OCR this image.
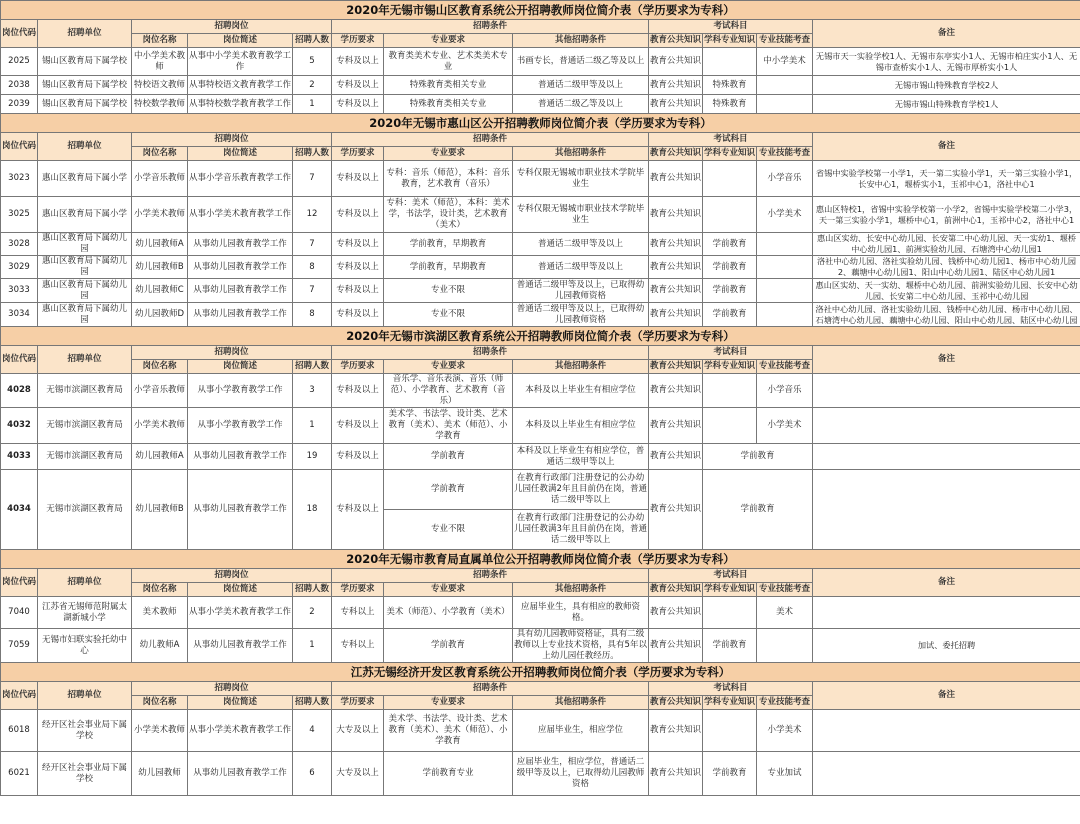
2020年无锡市锡山区教育系统公开招聘教师岗位简介表（学历要求为专科）											
岗位代码	招聘单位	招聘岗位			招聘条件			考试科目			备注
		岗位名称	岗位简述	招聘人数	学历要求	专业要求	其他招聘条件	教育公共知识	学科专业知识	专业技能考查	
2025	锡山区教育局下属学校	中小学美术教师	从事中小学美术教育教学工作	5	专科及以上	教育类美术专业、艺术类美术专业	书画专长，普通话二级乙等及以上	教育公共知识		中小学美术	无锡市天一实验学校1人、无锡市东亭实小1人、无锡市柏庄实小1人、无锡市查桥实小1人、无锡市厚桥实小1人
2038	锡山区教育局下属学校	特校语文教师	从事特校语文教育教学工作	2	专科及以上	特殊教育类相关专业	普通话二级甲等及以上	教育公共知识	特殊教育		无锡市锡山特殊教育学校2人
2039	锡山区教育局下属学校	特校数学教师	从事特校数学教育教学工作	1	专科及以上	特殊教育类相关专业	普通话二级乙等及以上	教育公共知识	特殊教育		无锡市锡山特殊教育学校1人
2020年无锡市惠山区公开招聘教师岗位简介表（学历要求为专科）											
岗位代码	招聘单位	招聘岗位			招聘条件			考试科目			备注
		岗位名称	岗位简述	招聘人数	学历要求	专业要求	其他招聘条件	教育公共知识	学科专业知识	专业技能考查	
3023	惠山区教育局下属小学	小学音乐教师	从事小学音乐教育教学工作	7	专科及以上	专科：音乐（师范），本科：音乐教育，艺术教育（音乐）	专科仅限无锡城市职业技术学院毕业生	教育公共知识		小学音乐	省锡中实验学校第一小学1，天一第二实验小学1，天一第三实验小学1，长安中心1，堰桥实小1，玉祁中心1，洛社中心1
3025	惠山区教育局下属小学	小学美术教师	从事小学美术教育教学工作	12	专科及以上	专科：美术（师范），本科：美术学，书法学，设计类，艺术教育（美术）	专科仅限无锡城市职业技术学院毕业生	教育公共知识		小学美术	惠山区特校1，省锡中实验学校第一小学2，省锡中实验学校第二小学3，天一第三实验小学1，堰桥中心1，前洲中心1，玉祁中心2，洛社中心1
3028	惠山区教育局下属幼儿园	幼儿园教师A	从事幼儿园教育教学工作	7	专科及以上	学前教育，早期教育	普通话二级甲等及以上	教育公共知识	学前教育		惠山区实幼、长安中心幼儿园、长安第二中心幼儿园、天一实幼1、堰桥中心幼儿园1、前洲实验幼儿园、石塘湾中心幼儿园1
3029	惠山区教育局下属幼儿园	幼儿园教师B	从事幼儿园教育教学工作	8	专科及以上	学前教育，早期教育	普通话二级甲等及以上	教育公共知识	学前教育		洛社中心幼儿园、洛社实验幼儿园、钱桥中心幼儿园1、杨市中心幼儿园2、藕塘中心幼儿园1、阳山中心幼儿园1、陆区中心幼儿园1
3033	惠山区教育局下属幼儿园	幼儿园教师C	从事幼儿园教育教学工作	7	专科及以上	专业不限	普通话二级甲等及以上，已取得幼儿园教师资格	教育公共知识	学前教育		惠山区实幼、天一实幼、堰桥中心幼儿园、前洲实验幼儿园、长安中心幼儿园、长安第二中心幼儿园、玉祁中心幼儿园
3034	惠山区教育局下属幼儿园	幼儿园教师D	从事幼儿园教育教学工作	8	专科及以上	专业不限	普通话二级甲等及以上，已取得幼儿园教师资格	教育公共知识	学前教育		洛社中心幼儿园、洛社实验幼儿园、钱桥中心幼儿园、杨市中心幼儿园、石塘湾中心幼儿园、藕塘中心幼儿园、阳山中心幼儿园、陆区中心幼儿园
2020年无锡市滨湖区教育系统公开招聘教师岗位简介表（学历要求为专科）											
岗位代码	招聘单位	招聘岗位			招聘条件			考试科目			备注
		岗位名称	岗位简述	招聘人数	学历要求	专业要求	其他招聘条件	教育公共知识	学科专业知识	专业技能考查	
4028	无锡市滨湖区教育局	小学音乐教师	从事小学教育教学工作	3	专科及以上	音乐学、音乐表演、音乐（师范）、小学教育、艺术教育（音乐）	本科及以上毕业生有相应学位	教育公共知识		小学音乐	
4032	无锡市滨湖区教育局	小学美术教师	从事小学教育教学工作	1	专科及以上	美术学、书法学、设计类、艺术教育（美术）、美术（师范）、小学教育	本科及以上毕业生有相应学位	教育公共知识		小学美术	
4033	无锡市滨湖区教育局	幼儿园教师A	从事幼儿园教育教学工作	19	专科及以上	学前教育	本科及以上毕业生有相应学位，普通话二级甲等以上	教育公共知识	学前教育		
4034	无锡市滨湖区教育局	幼儿园教师B	从事幼儿园教育教学工作	18	专科及以上	学前教育	在教育行政部门注册登记的公办幼儿园任教满2年且目前仍在岗，普通话二级甲等以上	教育公共知识	学前教育		
						专业不限	在教育行政部门注册登记的公办幼儿园任教满3年且目前仍在岗，普通话二级甲等以上				
2020年无锡市教育局直属单位公开招聘教师岗位简介表（学历要求为专科）											
岗位代码	招聘单位	招聘岗位			招聘条件			考试科目			备注
		岗位名称	岗位简述	招聘人数	学历要求	专业要求	其他招聘条件	教育公共知识	学科专业知识	专业技能考查	
7040	江苏省无锡师范附属太湖新城小学	美术教师	从事小学美术教育教学工作	2	专科以上	美术（师范）、小学教育（美术）	应届毕业生，具有相应的教师资格。	教育公共知识		美术	
7059	无锡市妇联实验托幼中心	幼儿教师A	从事幼儿园教育教学工作	1	专科以上	学前教育	具有幼儿园教师资格证，具有二级教师以上专业技术资格，具有5年以上幼儿园任教经历。	教育公共知识	学前教育		加试、委托招聘
江苏无锡经济开发区教育系统公开招聘教师岗位简介表（学历要求为专科）											
岗位代码	招聘单位	招聘岗位			招聘条件			考试科目			备注
		岗位名称	岗位简述	招聘人数	学历要求	专业要求	其他招聘条件	教育公共知识	学科专业知识	专业技能考查	
6018	经开区社会事业局下属学校	小学美术教师	从事小学美术教育教学工作	4	大专及以上	美术学、书法学、设计类、艺术教育（美术）、美术（师范）、小学教育	应届毕业生，相应学位	教育公共知识		小学美术	
6021	经开区社会事业局下属学校	幼儿园教师	从事幼儿园教育教学工作	6	大专及以上	学前教育专业	应届毕业生，相应学位，普通话二级甲等及以上，已取得幼儿园教师资格	教育公共知识	学前教育	专业加试	
